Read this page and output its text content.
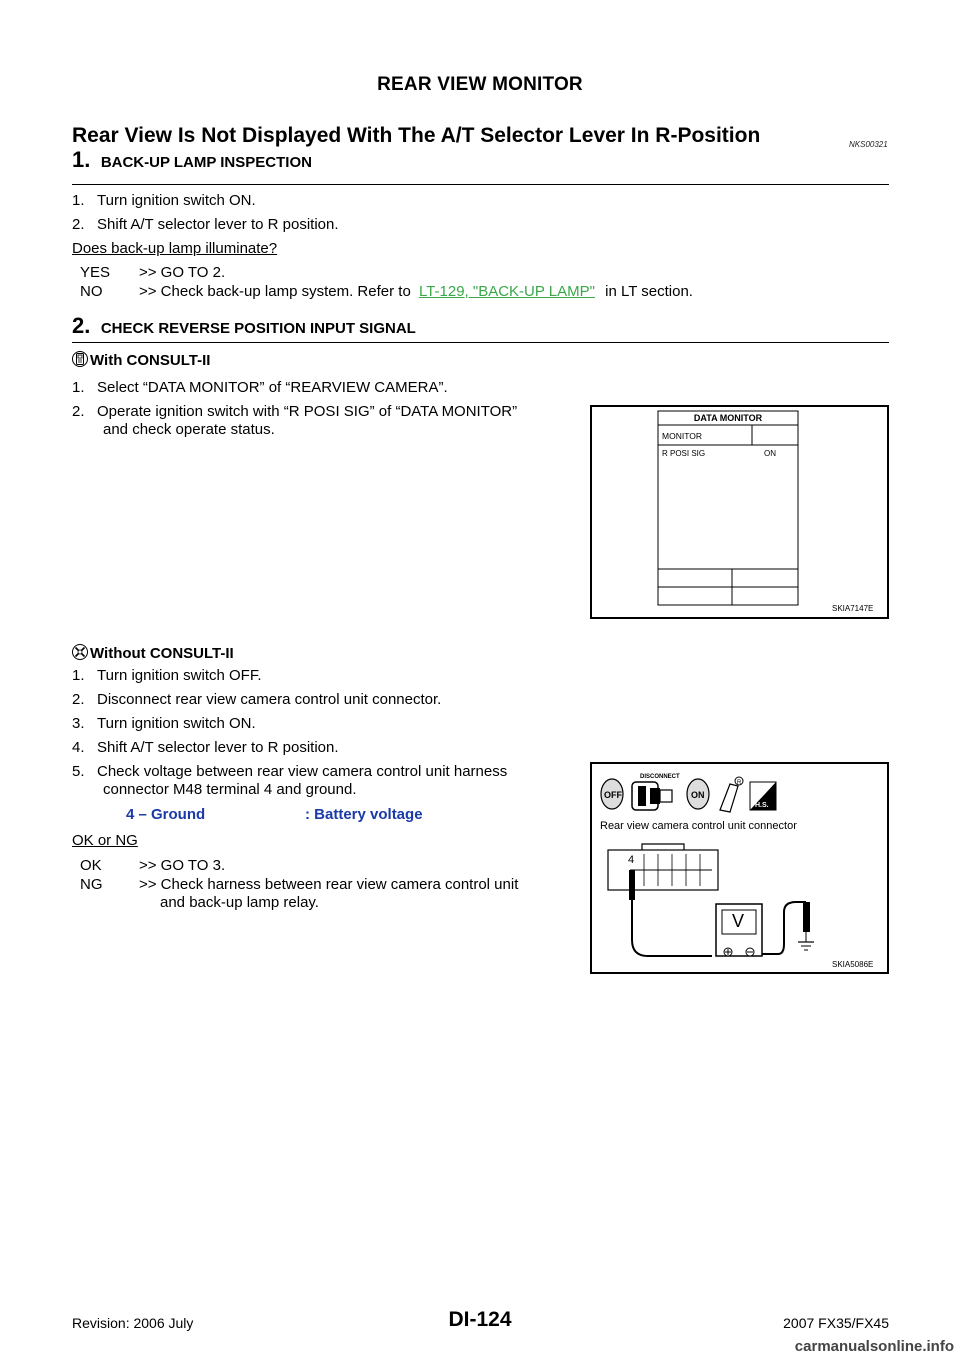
REAR VIEW MONITOR
Rear View Is Not Displayed With The A/T Selector Lever In R-Position	NKS00321
1. BACK-UP LAMP INSPECTION
1.   Turn ignition switch ON.
2.   Shift A/T selector lever to R position.
Does back-up lamp illuminate?
YES >> GO TO 2.
NO >> Check back-up lamp system. Refer to LT-129, "BACK-UP LAMP" in LT section.
2. CHECK REVERSE POSITION INPUT SIGNAL
With CONSULT-II
1.   Select “DATA MONITOR” of “REARVIEW CAMERA”.
2.   Operate ignition switch with “R POSI SIG” of “DATA MONITOR”
and check operate status.
DATA MONITOR
MONITOR
R POSI SIG	ON
SKIA7147E
Without CONSULT-II
1.   Turn ignition switch OFF.
2.   Disconnect rear view camera control unit connector.
3.   Turn ignition switch ON.
4.   Shift A/T selector lever to R position.
5.   Check voltage between rear view camera control unit harness
connector M48 terminal 4 and ground.
4 – Ground	: Battery voltage
OK or NG
OK >> GO TO 3.
NG >> Check harness between rear view camera control unit
and back-up lamp relay.
OFF	ON
R
H.S.
DISCONNECT
Rear view camera control unit connector
4
V
SKIA5086E
Revision: 2006 July	DI-124	2007 FX35/FX45
carmanualsonline.info
